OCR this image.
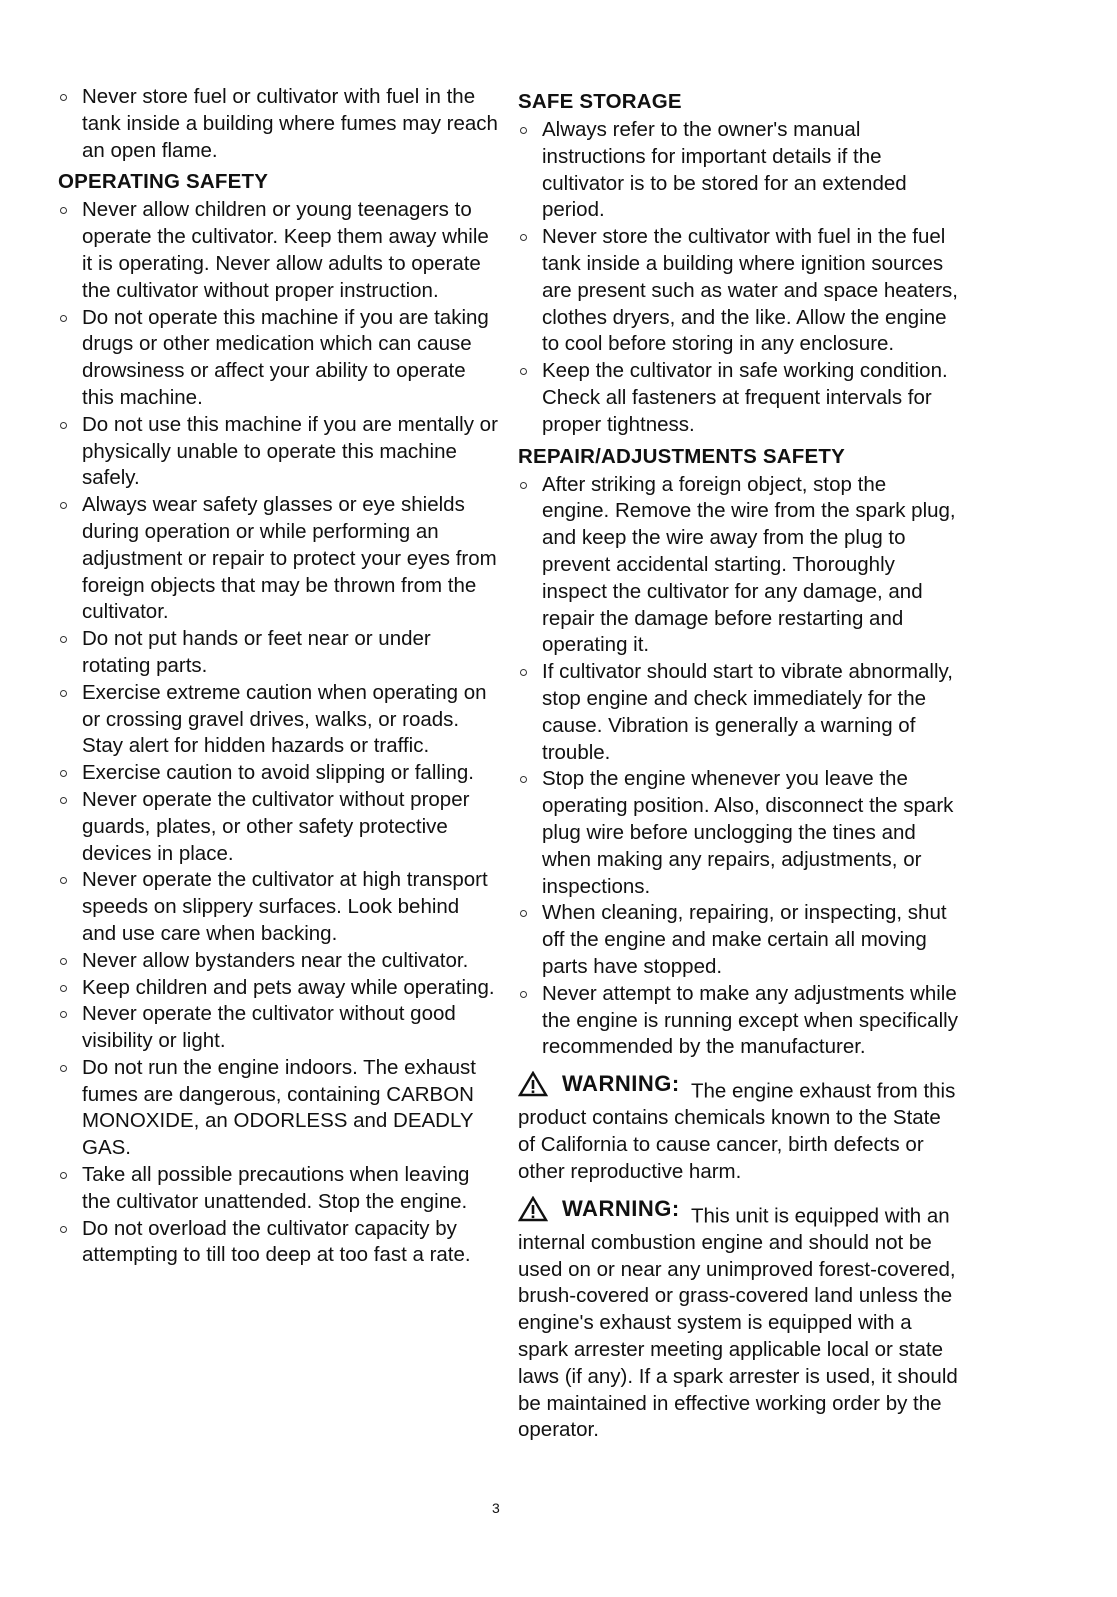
Never store fuel or cultivator with fuel in the tank inside a building where fumes may reach an open flame.
OPERATING SAFETY
Never allow children or young teenagers to operate the cultivator. Keep them away while it is operating. Never allow adults to operate the cultivator without proper instruction.
Do not operate this machine if you are taking drugs or other medication which can cause drowsiness or affect your ability to operate this machine.
Do not use this machine if you are mentally or physically unable to operate this machine safely.
Always wear safety glasses or eye shields during operation or while performing an adjustment or repair to protect your eyes from foreign objects that may be thrown from the cultivator.
Do not put hands or feet near or under rotating parts.
Exercise extreme caution when operating on or crossing gravel drives, walks, or roads. Stay alert for hidden hazards or traffic.
Exercise caution to avoid slipping or falling.
Never operate the cultivator without proper guards, plates, or other safety protective devices in place.
Never operate the cultivator at high transport speeds on slippery surfaces. Look behind and use care when backing.
Never allow bystanders near the cultivator.
Keep children and pets away while operating.
Never operate the cultivator without good visibility or light.
Do not run the engine indoors. The exhaust fumes are dangerous, containing CARBON MONOXIDE, an ODORLESS and DEADLY GAS.
Take all possible precautions when leaving the cultivator unattended. Stop the engine.
Do not overload the cultivator capacity by attempting to till too deep at too fast a rate.
SAFE STORAGE
Always refer to the owner's manual instructions for important details if the cultivator is to be stored for an extended period.
Never store the cultivator with fuel in the fuel tank inside a building where ignition sources are present such as water and space heaters, clothes dryers, and the like. Allow the engine to cool before storing in any enclosure.
Keep the cultivator in safe working condition. Check all fasteners at frequent intervals for proper tightness.
REPAIR/ADJUSTMENTS SAFETY
After striking a foreign object, stop the engine. Remove the wire from the spark plug, and keep the wire away from the plug to prevent accidental starting. Thoroughly inspect the cultivator for any damage, and repair the damage before restarting and operating it.
If cultivator should start to vibrate abnormally, stop engine and check immediately for the cause. Vibration is generally a warning of trouble.
Stop the engine whenever you leave the operating position. Also, disconnect the spark plug wire before unclogging the tines and when making any repairs, adjustments, or inspections.
When cleaning, repairing, or inspecting, shut off the engine and make certain all moving parts have stopped.
Never attempt to make any adjustments while the engine is running except when specifically recommended by the manufacturer.
WARNING: The engine exhaust from this product contains chemicals known to the State of California to cause cancer, birth defects or other reproductive harm.
WARNING: This unit is equipped with an internal combustion engine and should not be used on or near any unimproved forest-covered, brush-covered or grass-covered land unless the engine's exhaust system is equipped with a spark arrester meeting applicable local or state laws (if any). If a spark arrester is used, it should be maintained in effective working order by the operator.
3
